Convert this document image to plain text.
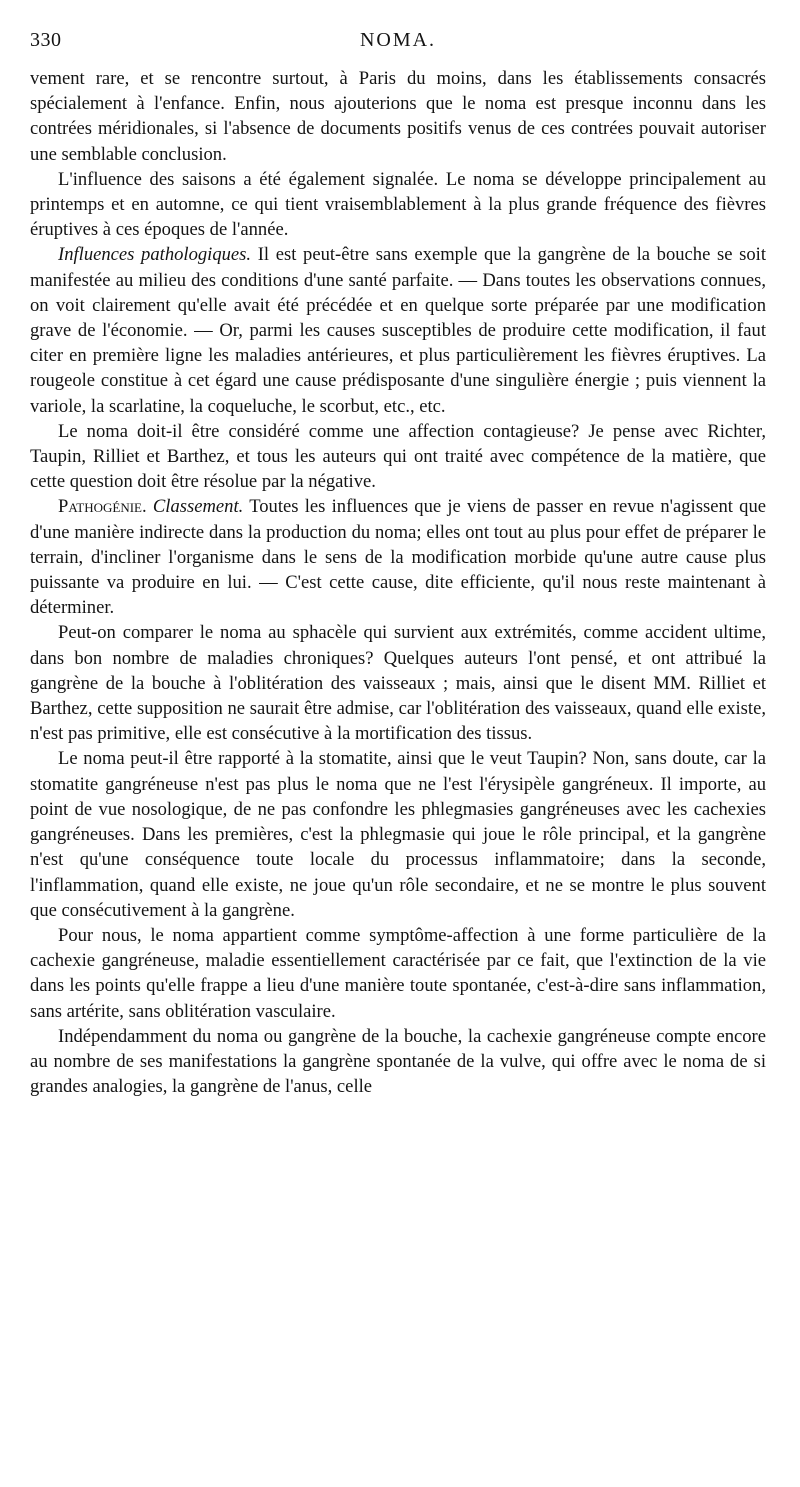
330	NOMA.

vement rare, et se rencontre surtout, à Paris du moins, dans les établissements consacrés spécialement à l'enfance. Enfin, nous ajouterions que le noma est presque inconnu dans les contrées méridionales, si l'absence de documents positifs venus de ces contrées pouvait autoriser une semblable conclusion.

L'influence des saisons a été également signalée. Le noma se développe principalement au printemps et en automne, ce qui tient vraisemblablement à la plus grande fréquence des fièvres éruptives à ces époques de l'année.

Influences pathologiques. Il est peut-être sans exemple que la gangrène de la bouche se soit manifestée au milieu des conditions d'une santé parfaite. — Dans toutes les observations connues, on voit clairement qu'elle avait été précédée et en quelque sorte préparée par une modification grave de l'économie. — Or, parmi les causes susceptibles de produire cette modification, il faut citer en première ligne les maladies antérieures, et plus particulièrement les fièvres éruptives. La rougeole constitue à cet égard une cause prédisposante d'une singulière énergie ; puis viennent la variole, la scarlatine, la coqueluche, le scorbut, etc., etc.

Le noma doit-il être considéré comme une affection contagieuse? Je pense avec Richter, Taupin, Rilliet et Barthez, et tous les auteurs qui ont traité avec compétence de la matière, que cette question doit être résolue par la négative.

Pathogénie. Classement. Toutes les influences que je viens de passer en revue n'agissent que d'une manière indirecte dans la production du noma; elles ont tout au plus pour effet de préparer le terrain, d'incliner l'organisme dans le sens de la modification morbide qu'une autre cause plus puissante va produire en lui. — C'est cette cause, dite efficiente, qu'il nous reste maintenant à déterminer.

Peut-on comparer le noma au sphacèle qui survient aux extrémités, comme accident ultime, dans bon nombre de maladies chroniques? Quelques auteurs l'ont pensé, et ont attribué la gangrène de la bouche à l'oblitération des vaisseaux ; mais, ainsi que le disent MM. Rilliet et Barthez, cette supposition ne saurait être admise, car l'oblitération des vaisseaux, quand elle existe, n'est pas primitive, elle est consécutive à la mortification des tissus.

Le noma peut-il être rapporté à la stomatite, ainsi que le veut Taupin? Non, sans doute, car la stomatite gangréneuse n'est pas plus le noma que ne l'est l'érysipèle gangréneux. Il importe, au point de vue nosologique, de ne pas confondre les phlegmasies gangréneuses avec les cachexies gangréneuses. Dans les premières, c'est la phlegmasie qui joue le rôle principal, et la gangrène n'est qu'une conséquence toute locale du processus inflammatoire; dans la seconde, l'inflammation, quand elle existe, ne joue qu'un rôle secondaire, et ne se montre le plus souvent que consécutivement à la gangrène.

Pour nous, le noma appartient comme symptôme-affection à une forme particulière de la cachexie gangréneuse, maladie essentiellement caractérisée par ce fait, que l'extinction de la vie dans les points qu'elle frappe a lieu d'une manière toute spontanée, c'est-à-dire sans inflammation, sans artérite, sans oblitération vasculaire.

Indépendamment du noma ou gangrène de la bouche, la cachexie gangréneuse compte encore au nombre de ses manifestations la gangrène spontanée de la vulve, qui offre avec le noma de si grandes analogies, la gangrène de l'anus, celle
